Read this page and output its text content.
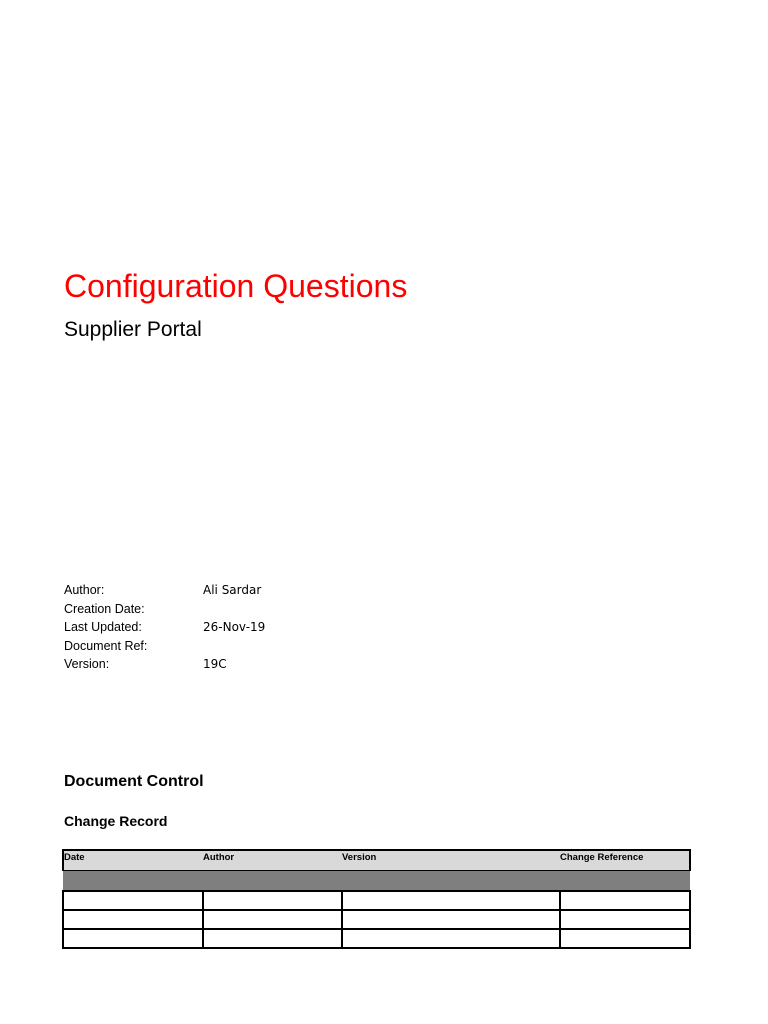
Configuration Questions
Supplier Portal
Author:	Ali Sardar
Creation Date:
Last Updated:	26-Nov-19
Document Ref:
Version:	19C
Document Control
Change Record
Date	Author	Version	Change Reference
